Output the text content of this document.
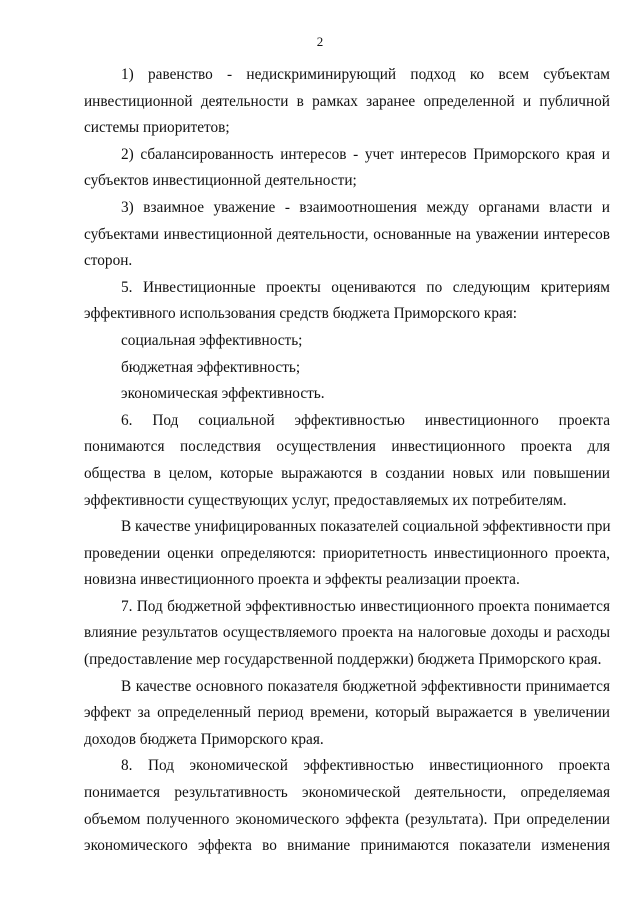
2
1) равенство - недискриминирующий подход ко всем субъектам
инвестиционной деятельности в рамках заранее определенной и публичной
системы приоритетов;
2) сбалансированность интересов - учет интересов Приморского края и
субъектов инвестиционной деятельности;
3) взаимное уважение - взаимоотношения между органами власти и
субъектами инвестиционной деятельности, основанные на уважении интересов
сторон.
5. Инвестиционные проекты оцениваются по следующим критериям
эффективного использования средств бюджета Приморского края:
социальная эффективность;
бюджетная эффективность;
экономическая эффективность.
6. Под социальной эффективностью инвестиционного проекта
понимаются последствия осуществления инвестиционного проекта для
общества в целом, которые выражаются в создании новых или повышении
эффективности существующих услуг, предоставляемых их потребителям.
В качестве унифицированных показателей социальной эффективности при
проведении оценки определяются: приоритетность инвестиционного проекта,
новизна инвестиционного проекта и эффекты реализации проекта.
7. Под бюджетной эффективностью инвестиционного проекта понимается
влияние результатов осуществляемого проекта на налоговые доходы и расходы
(предоставление мер государственной поддержки) бюджета Приморского края.
В качестве основного показателя бюджетной эффективности принимается
эффект за определенный период времени, который выражается в увеличении
доходов бюджета Приморского края.
8. Под экономической эффективностью инвестиционного проекта
понимается результативность экономической деятельности, определяемая
объемом полученного экономического эффекта (результата). При определении
экономического эффекта во внимание принимаются показатели изменения
